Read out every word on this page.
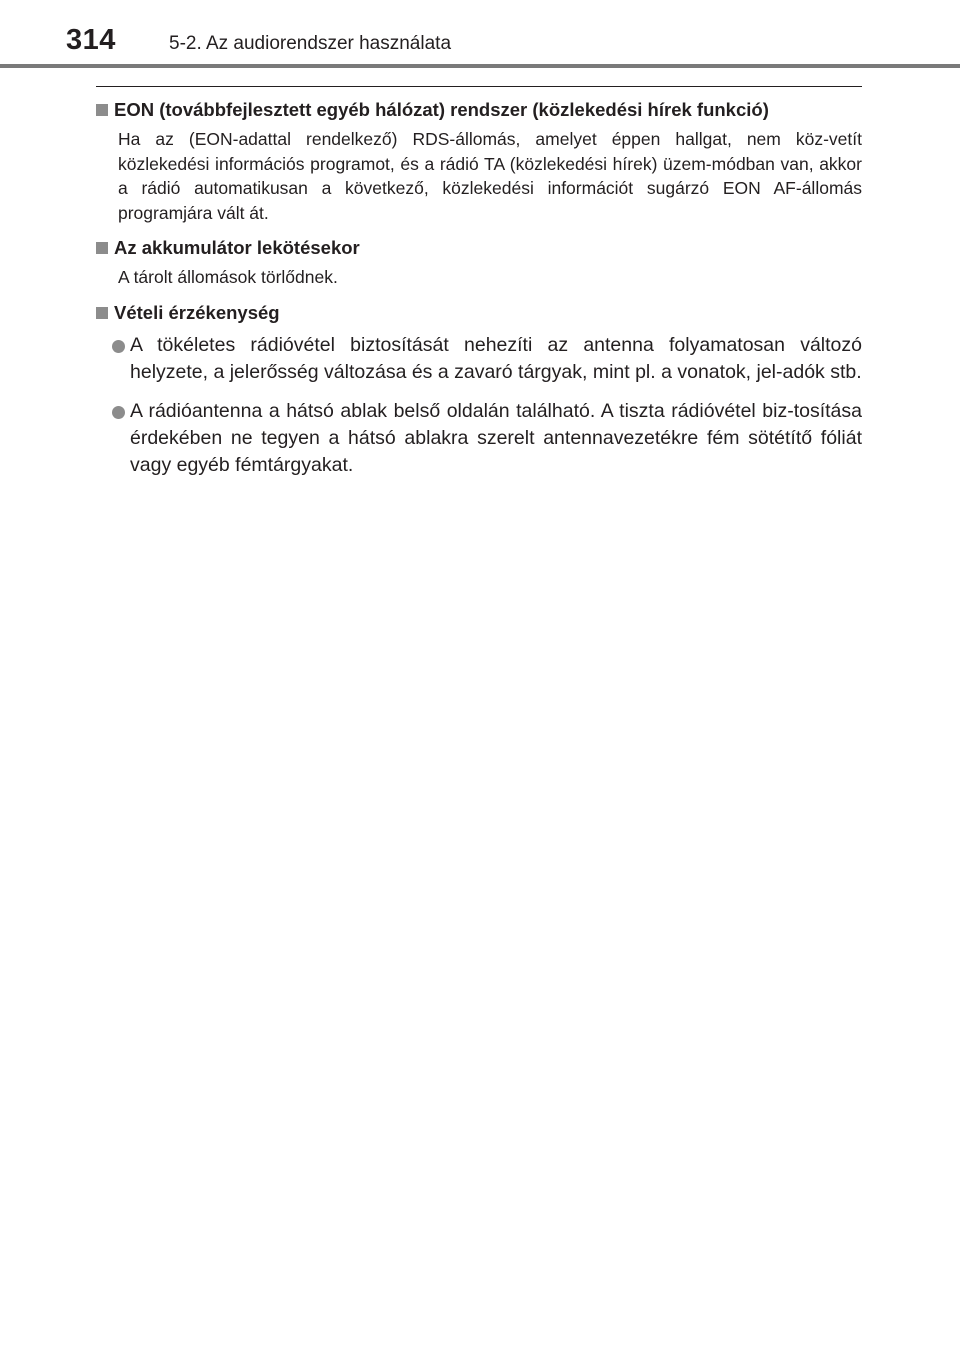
314	5-2. Az audiorendszer használata
EON (továbbfejlesztett egyéb hálózat) rendszer (közlekedési hírek funkció)
Ha az (EON-adattal rendelkező) RDS-állomás, amelyet éppen hallgat, nem köz-vetít közlekedési információs programot, és a rádió TA (közlekedési hírek) üzem-módban van, akkor a rádió automatikusan a következő, közlekedési információt sugárzó EON AF-állomás programjára vált át.
Az akkumulátor lekötésekor
A tárolt állomások törlődnek.
Vételi érzékenység
A tökéletes rádióvétel biztosítását nehezíti az antenna folyamatosan változó helyzete, a jelerősség változása és a zavaró tárgyak, mint pl. a vonatok, jel-adók stb.
A rádióantenna a hátsó ablak belső oldalán található. A tiszta rádióvétel biz-tosítása érdekében ne tegyen a hátsó ablakra szerelt antennavezetékre fém sötétítő fóliát vagy egyéb fémtárgyakat.
